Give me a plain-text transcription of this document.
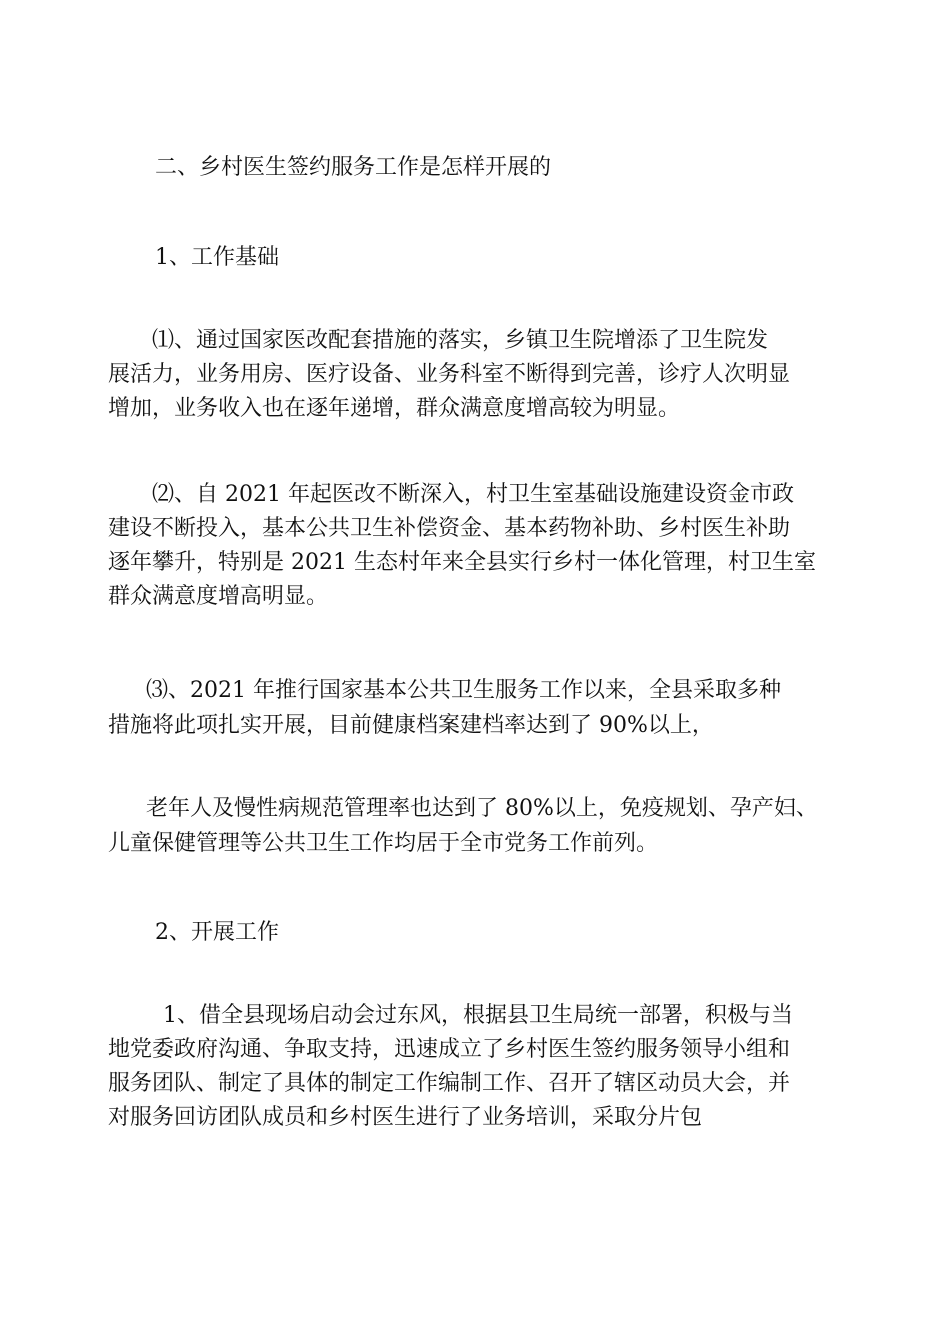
二、乡村医生签约服务工作是怎样开展的
1、工作基础
⑴、通过国家医改配套措施的落实，乡镇卫生院增添了卫生院发
展活力，业务用房、医疗设备、业务科室不断得到完善，诊疗人次明显
增加，业务收入也在逐年递增，群众满意度增高较为明显。
⑵、自 2021 年起医改不断深入，村卫生室基础设施建设资金市政
建设不断投入，基本公共卫生补偿资金、基本药物补助、乡村医生补助
逐年攀升，特别是 2021 生态村年来全县实行乡村一体化管理，村卫生室
群众满意度增高明显。
⑶、2021 年推行国家基本公共卫生服务工作以来，全县采取多种
措施将此项扎实开展，目前健康档案建档率达到了 90%以上，
老年人及慢性病规范管理率也达到了 80%以上，免疫规划、孕产妇、
儿童保健管理等公共卫生工作均居于全市党务工作前列。
2、开展工作
1、借全县现场启动会过东风，根据县卫生局统一部署，积极与当
地党委政府沟通、争取支持，迅速成立了乡村医生签约服务领导小组和
服务团队、制定了具体的制定工作编制工作、召开了辖区动员大会，并
对服务回访团队成员和乡村医生进行了业务培训，采取分片包
